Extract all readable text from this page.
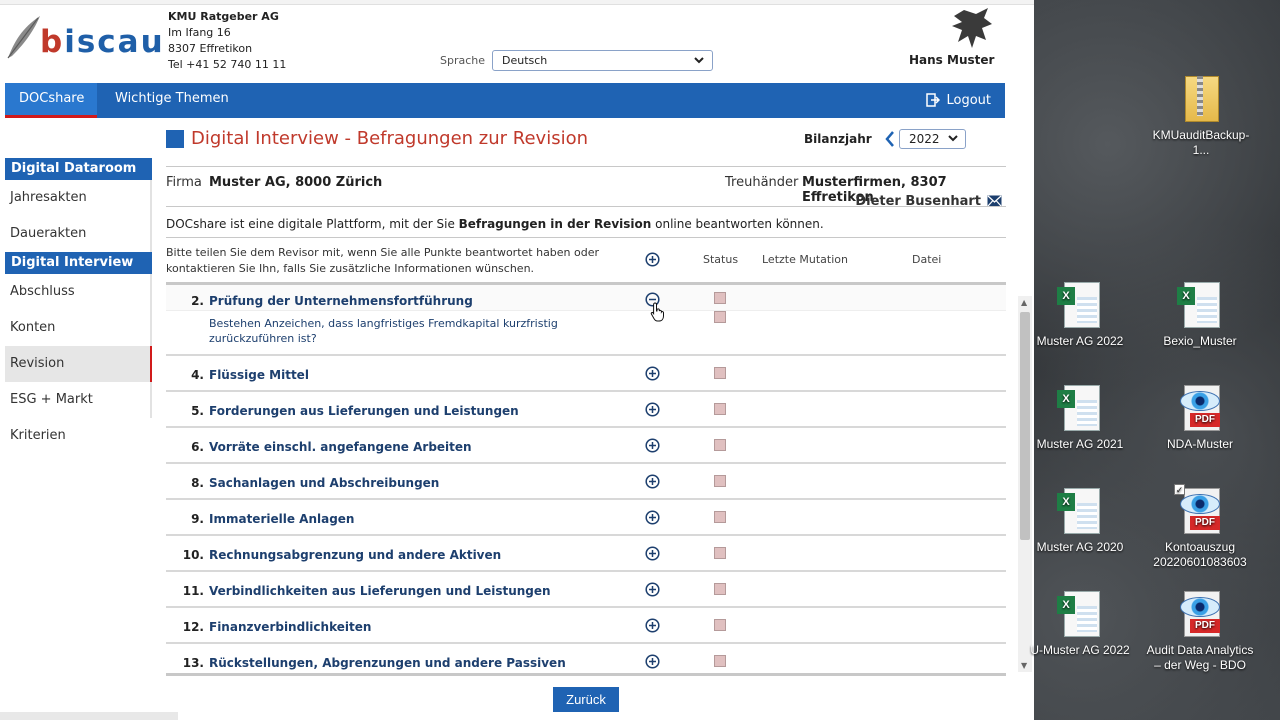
biscau
KMU Ratgeber AG
Im Ifang 16
8307 Effretikon
Tel +41 52 740 11 11	Sprache	Deutsch	Hans Muster
DOCshare	Wichtige Themen	Logout
Digital Dataroom
Jahresakten
Dauerakten
Digital Interview
Abschluss
Konten
Revision
ESG + Markt Kriterien
Digital Interview - Befragungen zur Revision	Bilanzjahr	2022
Firma Muster AG, 8000 Zürich	Treuhänder Musterfirmen, 8307 Effretikon
Dieter Busenhart
DOCshare ist eine digitale Plattform, mit der Sie Befragungen in der Revision online beantworten können.
Bitte teilen Sie dem Revisor mit, wenn Sie alle Punkte beantwortet haben oder kontaktieren Sie Ihn, falls Sie zusätzliche Informationen wünschen.
Status Letzte Mutation	Datei
2. Prüfung der Unternehmensfortführung
Bestehen Anzeichen, dass langfristiges Fremdkapital kurzfristig zurückzuführen ist?
4. Flüssige Mittel
5. Forderungen aus Lieferungen und Leistungen
6. Vorräte einschl. angefangene Arbeiten
8. Sachanlagen und Abschreibungen
9. Immaterielle Anlagen
10. Rechnungsabgrenzung und andere Aktiven
11. Verbindlichkeiten aus Lieferungen und Leistungen
12. Finanzverbindlichkeiten
13. Rückstellungen, Abgrenzungen und andere Passiven
▲
▼
Zurück
KMUauditBackup-1...
X
Muster AG 2022
X
Bexio_Muster
X
Muster AG 2021
PDF
NDA-Muster
X
Muster AG 2020
PDF
✓
Kontoauszug 20220601083603
X
U-Muster AG 2022
PDF
Audit Data Analytics – der Weg - BDO
